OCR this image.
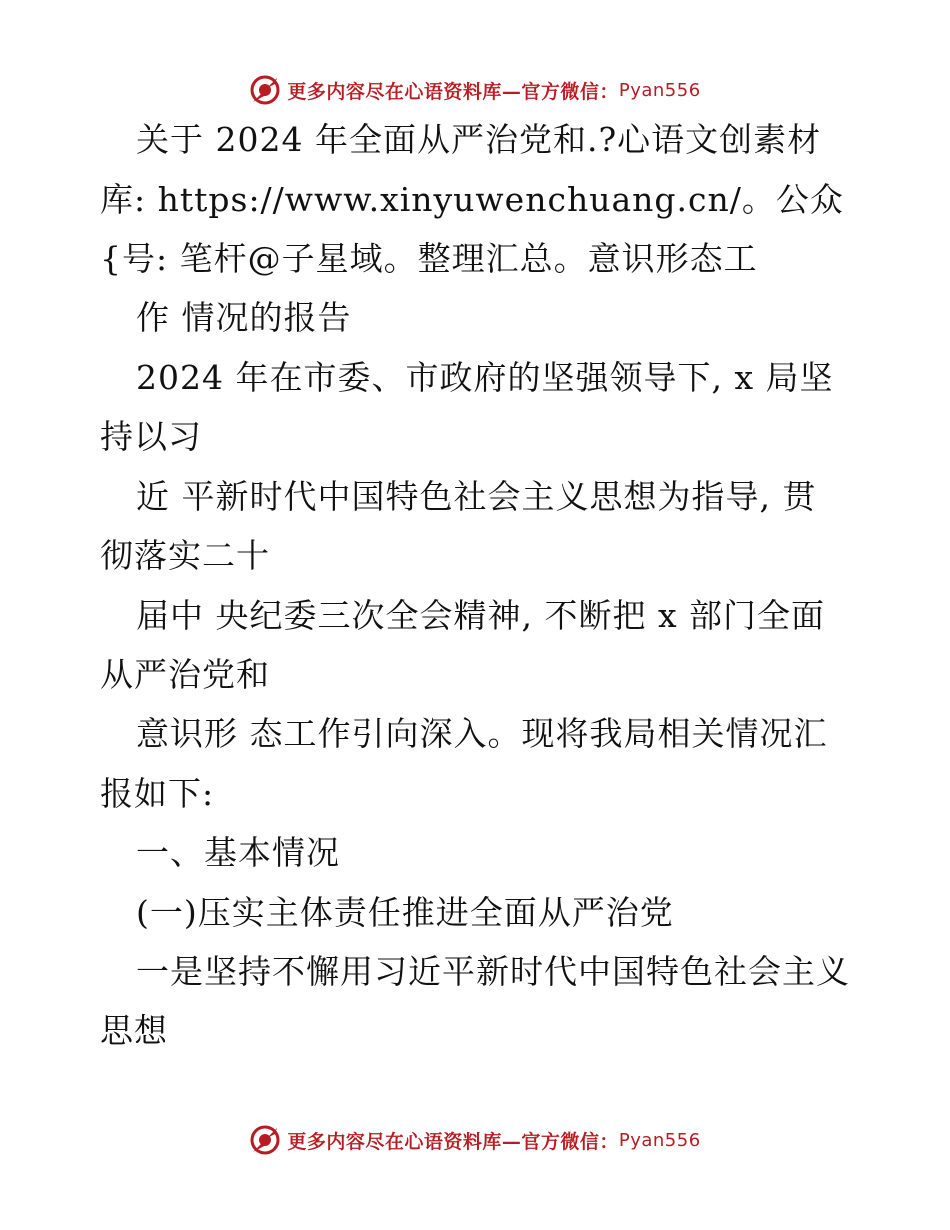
更多内容尽在心语资料库—官方微信： Pyan556
关于 2024 年全面从严治党和.?心语文创素材
库: https://www.xinyuwenchuang.cn/。公众
{号: 笔杆@子星域。整理汇总。意识形态工
作 情况的报告
2024 年在市委、市政府的坚强领导下, x 局坚
持以习
近 平新时代中国特色社会主义思想为指导, 贯
彻落实二十
届中 央纪委三次全会精神, 不断把 x 部门全面
从严治党和
意识形 态工作引向深入。现将我局相关情况汇
报如下:
一、基本情况
(一)压实主体责任推进全面从严治党
一是坚持不懈用习近平新时代中国特色社会主义
思想
更多内容尽在心语资料库—官方微信： Pyan556
